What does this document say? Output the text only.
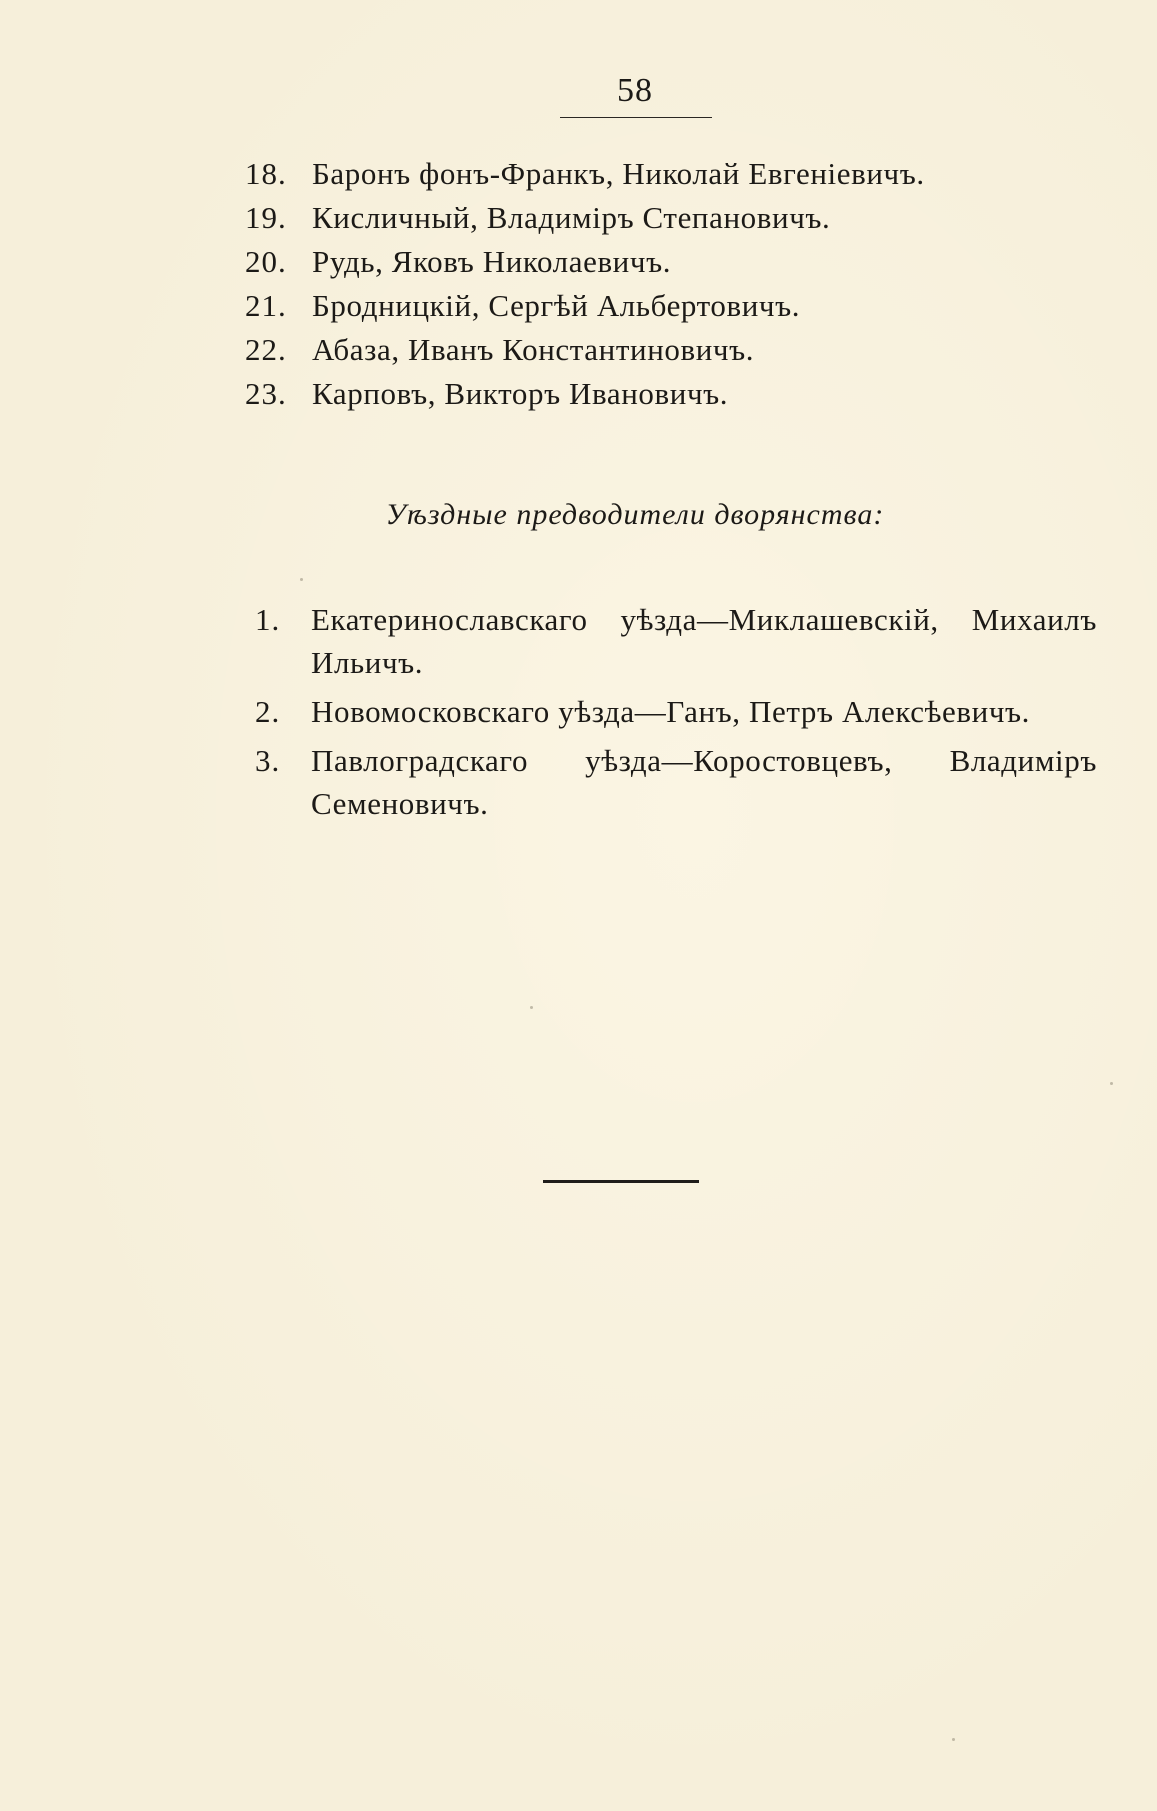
58
18. Баронъ фонъ-Франкъ, Николай Евгеніевичъ.
19. Кисличный, Владиміръ Степановичъ.
20. Рудь, Яковъ Николаевичъ.
21. Бродницкій, Сергѣй Альбертовичъ.
22. Абаза, Иванъ Константиновичъ.
23. Карповъ, Викторъ Ивановичъ.
Уѣздные предводители дворянства:
1. Екатеринославскаго уѣзда—Миклашевскій, Михаилъ Ильичъ.
2. Новомосковскаго уѣзда—Ганъ, Петръ Алексѣевичъ.
3. Павлоградскаго уѣзда—Коростовцевъ, Владиміръ Семеновичъ.
